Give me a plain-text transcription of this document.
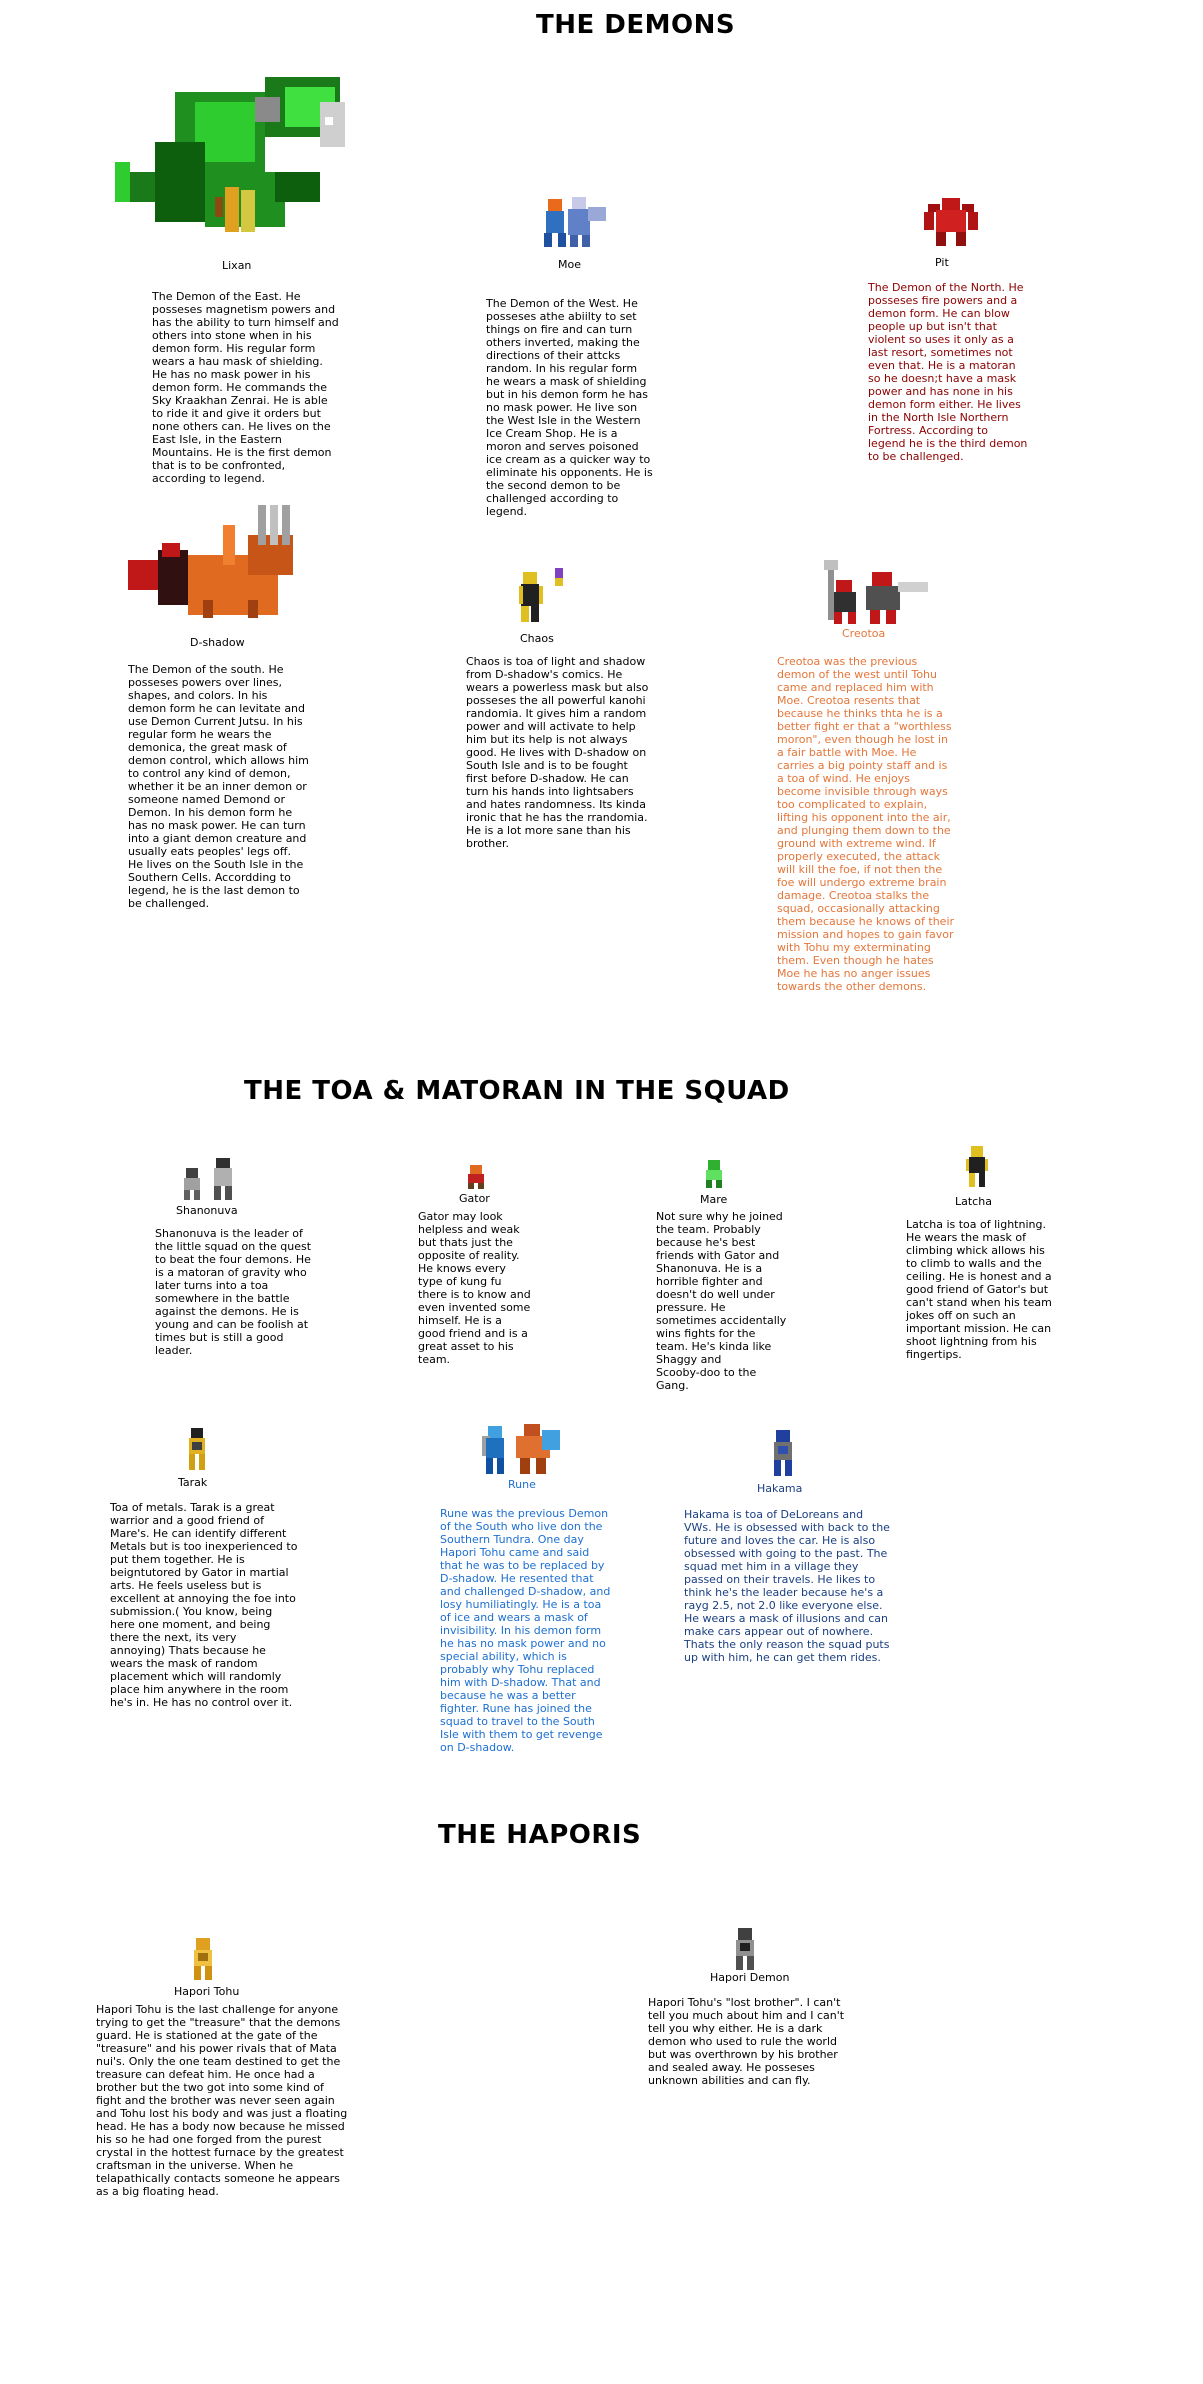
THE DEMONS
THE TOA & MATORAN IN THE SQUAD
THE HAPORIS
Lixan
The Demon of the East. He
posseses magnetism powers and
has the ability to turn himself and
others into stone when in his
demon form. His regular form
wears a hau mask of shielding.
He has no mask power in his
demon form. He commands the
Sky Kraakhan Zenrai. He is able
to ride it and give it orders but
none others can. He lives on the
East Isle, in the Eastern
Mountains. He is the first demon
that is to be confronted,
according to legend.
Moe
The Demon of the West. He
posseses athe abiilty to set
things on fire and can turn
others inverted, making the
directions of their attcks
random. In his regular form
he wears a mask of shielding
but in his demon form he has
no mask power. He live son
the West Isle in the Western
Ice Cream Shop. He is a
moron and serves poisoned
ice cream as a quicker way to
eliminate his opponents. He is
the second demon to be
challenged according to
legend.
Pit
The Demon of the North. He
posseses fire powers and a
demon form. He can blow
people up but isn't that
violent so uses it only as a
last resort, sometimes not
even that. He is a matoran
so he doesn;t have a mask
power and has none in his
demon form either. He lives
in the North Isle Northern
Fortress. According to
legend he is the third demon
to be challenged.
D-shadow
The Demon of the south. He
posseses powers over lines,
shapes, and colors. In his
demon form he can levitate and
use Demon Current Jutsu. In his
regular form he wears the
demonica, the great mask of
demon control, which allows him
to control any kind of demon,
whether it be an inner demon or
someone named Demond or
Demon. In his demon form he
has no mask power. He can turn
into a giant demon creature and
usually eats peoples' legs off.
He lives on the South Isle in the
Southern Cells. Accordding to
legend, he is the last demon to
be challenged.
Chaos
Chaos is toa of light and shadow
from D-shadow's comics. He
wears a powerless mask but also
posseses the all powerful kanohi
randomia. It gives him a random
power and will activate to help
him but its help is not always
good. He lives with D-shadow on
South Isle and is to be fought
first before D-shadow. He can
turn his hands into lightsabers
and hates randomness. Its kinda
ironic that he has the rrandomia.
He is a lot more sane than his
brother.
Creotoa
Creotoa was the previous
demon of the west until Tohu
came and replaced him with
Moe. Creotoa resents that
because he thinks thta he is a
better fight er that a "worthless
moron", even though he lost in
a fair battle with Moe. He
carries a big pointy staff and is
a toa of wind. He enjoys
become invisible through ways
too complicated to explain,
lifting his opponent into the air,
and plunging them down to the
ground with extreme wind. If
properly executed, the attack
will kill the foe, if not then the
foe will undergo extreme brain
damage. Creotoa stalks the
squad, occasionally attacking
them because he knows of their
mission and hopes to gain favor
with Tohu my exterminating
them. Even though he hates
Moe he has no anger issues
towards the other demons.
Shanonuva
Shanonuva is the leader of
the little squad on the quest
to beat the four demons. He
is a matoran of gravity who
later turns into a toa
somewhere in the battle
against the demons. He is
young and can be foolish at
times but is still a good
leader.
Gator
Gator may look
helpless and weak
but thats just the
opposite of reality.
He knows every
type of kung fu
there is to know and
even invented some
himself. He is a
good friend and is a
great asset to his
team.
Mare
Not sure why he joined
the team. Probably
because he's best
friends with Gator and
Shanonuva. He is a
horrible fighter and
doesn't do well under
pressure. He
sometimes accidentally
wins fights for the
team. He's kinda like
Shaggy and
Scooby-doo to the
Gang.
Latcha
Latcha is toa of lightning.
He wears the mask of
climbing whick allows his
to climb to walls and the
ceiling. He is honest and a
good friend of Gator's but
can't stand when his team
jokes off on such an
important mission. He can
shoot lightning from his
fingertips.
Tarak
Toa of metals. Tarak is a great
warrior and a good friend of
Mare's. He can identify different
Metals but is too inexperienced to
put them together. He is
beigntutored by Gator in martial
arts. He feels useless but is
excellent at annoying the foe into
submission.( You know, being
here one moment, and being
there the next, its very
annoying) Thats because he
wears the mask of random
placement which will randomly
place him anywhere in the room
he's in. He has no control over it.
Rune
Rune was the previous Demon
of the South who live don the
Southern Tundra. One day
Hapori Tohu came and said
that he was to be replaced by
D-shadow. He resented that
and challenged D-shadow, and
losy humiliatingly. He is a toa
of ice and wears a mask of
invisibility. In his demon form
he has no mask power and no
special ability, which is
probably why Tohu replaced
him with D-shadow. That and
because he was a better
fighter. Rune has joined the
squad to travel to the South
Isle with them to get revenge
on D-shadow.
Hakama
Hakama is toa of DeLoreans and
VWs. He is obsessed with back to the
future and loves the car. He is also
obsessed with going to the past. The
squad met him in a village they
passed on their travels. He likes to
think he's the leader because he's a
rayg 2.5, not 2.0 like everyone else.
He wears a mask of illusions and can
make cars appear out of nowhere.
Thats the only reason the squad puts
up with him, he can get them rides.
Hapori Tohu
Hapori Tohu is the last challenge for anyone
trying to get the "treasure" that the demons
guard. He is stationed at the gate of the
"treasure" and his power rivals that of Mata
nui's. Only the one team destined to get the
treasure can defeat him. He once had a
brother but the two got into some kind of
fight and the brother was never seen again
and Tohu lost his body and was just a floating
head. He has a body now because he missed
his so he had one forged from the purest
crystal in the hottest furnace by the greatest
craftsman in the universe. When he
telapathically contacts someone he appears
as a big floating head.
Hapori Demon
Hapori Tohu's "lost brother". I can't
tell you much about him and I can't
tell you why either. He is a dark
demon who used to rule the world
but was overthrown by his brother
and sealed away. He posseses
unknown abilities and can fly.
